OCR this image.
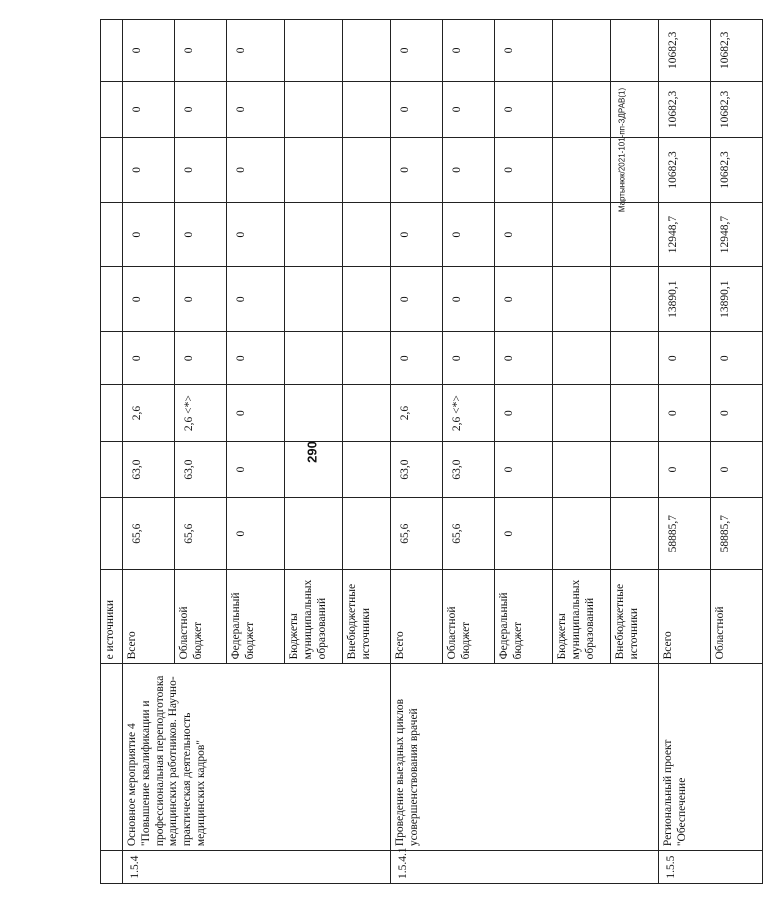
290
Мартынюк/2021-101-пп-ЗДРАВ(1)
		е источники									
1.5.4	Основное мероприятие 4 "Повышение квалификации и профессиональная переподготовка медицинских работников. Научно-практическая деятельность медицинских кадров"	Всего	65,6	63,0	2,6	0	0	0	0	0	0
		Областной бюджет	65,6	63,0	2,6 <*>	0	0	0	0	0	0
		Федеральный бюджет	0	0	0	0	0	0	0	0	0
		Бюджеты муниципальных образований									
		Внебюджетные источники									
1.5.4.1	Проведение выездных циклов усовершенствования врачей	Всего	65,6	63,0	2,6	0	0	0	0	0	0
		Областной бюджет	65,6	63,0	2,6 <*>	0	0	0	0	0	0
		Федеральный бюджет	0	0	0	0	0	0	0	0	0
		Бюджеты муниципальных образований									
		Внебюджетные источники									
1.5.5	Региональный проект "Обеспечение	Всего	58885,7	0	0	0	13890,1	12948,7	10682,3	10682,3	10682,3
		Областной	58885,7	0	0	0	13890,1	12948,7	10682,3	10682,3	10682,3
